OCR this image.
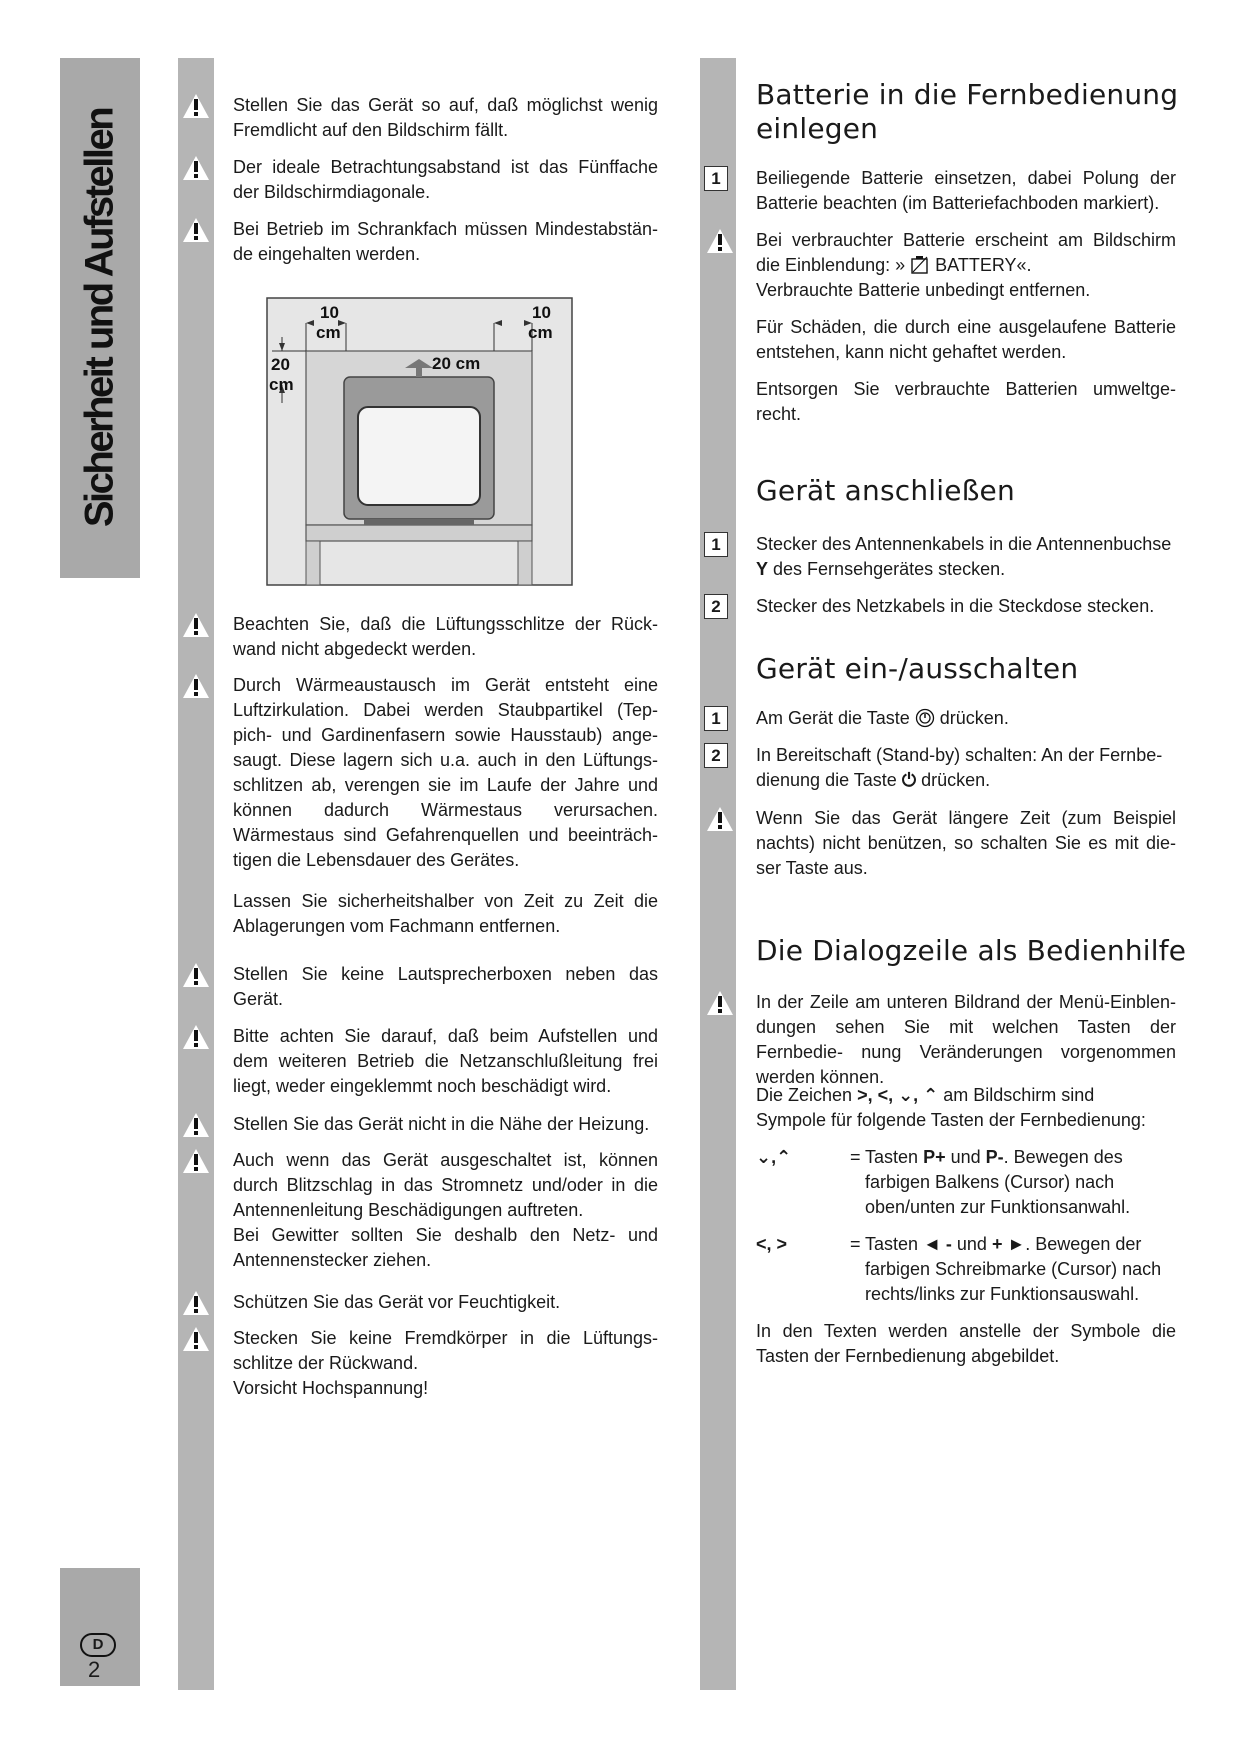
Sicherheit und Aufstellen
D
2
Stellen Sie das Gerät so auf, daß möglichst wenig Fremdlicht auf den Bildschirm fällt.
Der ideale Betrachtungsabstand ist das Fünffache der Bildschirmdiagonale.
Bei Betrieb im Schrankfach müssen Mindestabstän- de eingehalten werden.
10
cm
10
cm
20
cm
20 cm
Beachten Sie, daß die Lüftungsschlitze der Rück- wand nicht abgedeckt werden.
Durch Wärmeaustausch im Gerät entsteht eine Luftzirkulation. Dabei werden Staubpartikel (Tep- pich- und Gardinenfasern sowie Hausstaub) ange- saugt. Diese lagern sich u.a. auch in den Lüftungs- schlitzen ab, verengen sie im Laufe der Jahre und können dadurch Wärmestaus verursachen. Wärmestaus sind Gefahrenquellen und beeinträch- tigen die Lebensdauer des Gerätes.
Lassen Sie sicherheitshalber von Zeit zu Zeit die Ablagerungen vom Fachmann entfernen.
Stellen Sie keine Lautsprecherboxen neben das Gerät.
Bitte achten Sie darauf, daß beim Aufstellen und dem weiteren Betrieb die Netzanschlußleitung frei liegt, weder eingeklemmt noch beschädigt wird.
Stellen Sie das Gerät nicht in die Nähe der Heizung.
Auch wenn das Gerät ausgeschaltet ist, können durch Blitzschlag in das Stromnetz und/oder in die Antennenleitung Beschädigungen auftreten.
Bei Gewitter sollten Sie deshalb den Netz- und Antennenstecker ziehen.
Schützen Sie das Gerät vor Feuchtigkeit.
Stecken Sie keine Fremdkörper in die Lüftungs- schlitze der Rückwand.
Vorsicht Hochspannung!
Batterie in die Fernbedienung
einlegen
1	Beiliegende Batterie einsetzen, dabei Polung der Batterie beachten (im Batteriefachboden markiert).
Bei verbrauchter Batterie erscheint am Bildschirm die Einblendung: » BATTERY«.
Verbrauchte Batterie unbedingt entfernen.
Für Schäden, die durch eine ausgelaufene Batterie entstehen, kann nicht gehaftet werden.
Entsorgen Sie verbrauchte Batterien umweltge- recht.
Gerät anschließen
1	Stecker des Antennenkabels in die Antennenbuchse
Y des Fernsehgerätes stecken.
2	Stecker des Netzkabels in die Steckdose stecken.
Gerät ein-/ausschalten
1	Am Gerät die Taste drücken.
2	In Bereitschaft (Stand-by) schalten: An der Fernbe-
dienung die Taste ⏻ drücken.
Wenn Sie das Gerät längere Zeit (zum Beispiel nachts) nicht benützen, so schalten Sie es mit die- ser Taste aus.
Die Dialogzeile als Bedienhilfe
In der Zeile am unteren Bildrand der Menü-Einblen- dungen sehen Sie mit welchen Tasten der Fernbedie- nung Veränderungen vorgenommen werden können.
Die Zeichen >, <, ⌄, ⌃ am Bildschirm sind
Sympole für folgende Tasten der Fernbedienung:
⌄,⌃	= Tasten P+ und P-. Bewegen des
farbigen Balkens (Cursor) nach
oben/unten zur Funktionsanwahl.
<, >	= Tasten ◄ - und + ►. Bewegen der
farbigen Schreibmarke (Cursor) nach
rechts/links zur Funktionsauswahl.
In den Texten werden anstelle der Symbole die Tasten der Fernbedienung abgebildet.
